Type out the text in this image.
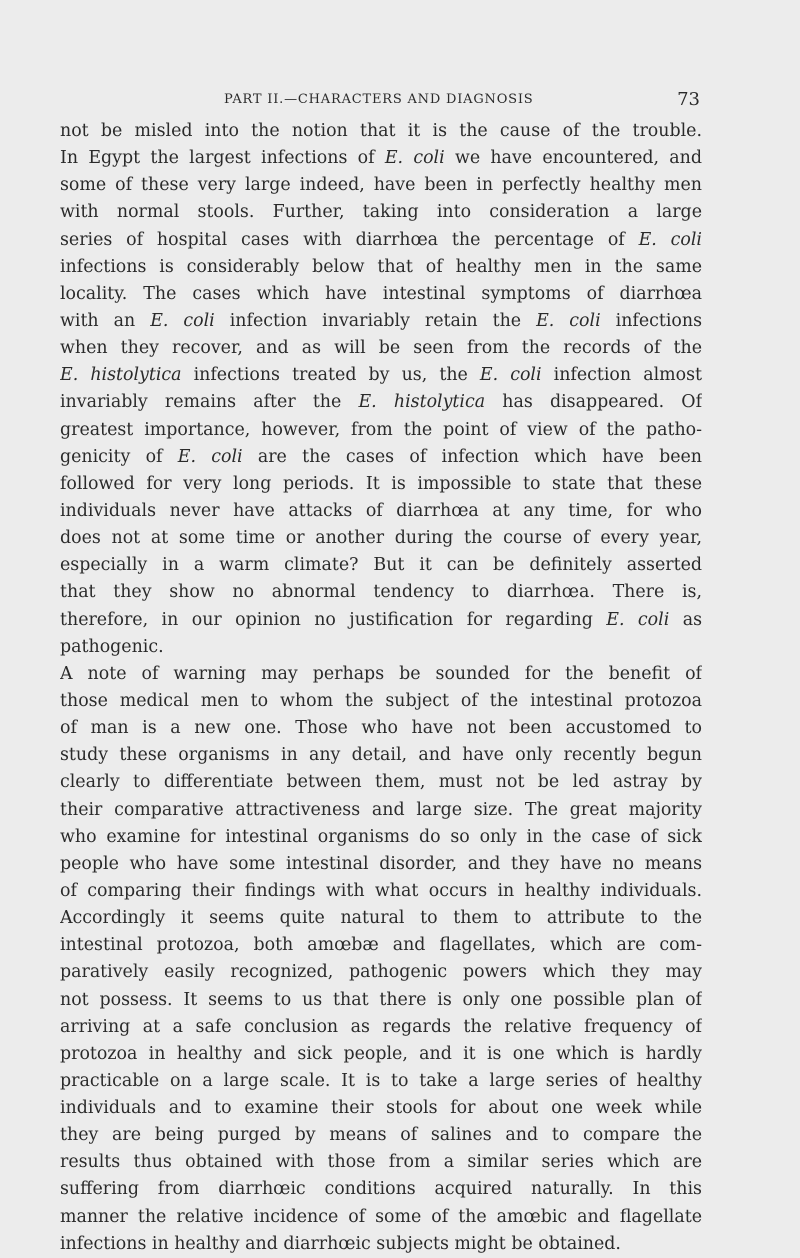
PART II.—CHARACTERS AND DIAGNOSIS	73
not be misled into the notion that it is the cause of the trouble.
In Egypt the largest infections of E. coli we have encountered, and
some of these very large indeed, have been in perfectly healthy men
with normal stools. Further, taking into consideration a large
series of hospital cases with diarrhœa the percentage of E. coli
infections is considerably below that of healthy men in the same
locality. The cases which have intestinal symptoms of diarrhœa
with an E. coli infection invariably retain the E. coli infections
when they recover, and as will be seen from the records of the
E. histolytica infections treated by us, the E. coli infection almost
invariably remains after the E. histolytica has disappeared. Of
greatest importance, however, from the point of view of the patho-
genicity of E. coli are the cases of infection which have been
followed for very long periods. It is impossible to state that these
individuals never have attacks of diarrhœa at any time, for who
does not at some time or another during the course of every year,
especially in a warm climate? But it can be definitely asserted
that they show no abnormal tendency to diarrhœa. There is,
therefore, in our opinion no justification for regarding E. coli as
pathogenic.
A note of warning may perhaps be sounded for the benefit of
those medical men to whom the subject of the intestinal protozoa
of man is a new one. Those who have not been accustomed to
study these organisms in any detail, and have only recently begun
clearly to differentiate between them, must not be led astray by
their comparative attractiveness and large size. The great majority
who examine for intestinal organisms do so only in the case of sick
people who have some intestinal disorder, and they have no means
of comparing their findings with what occurs in healthy individuals.
Accordingly it seems quite natural to them to attribute to the
intestinal protozoa, both amœbæ and flagellates, which are com-
paratively easily recognized, pathogenic powers which they may
not possess. It seems to us that there is only one possible plan of
arriving at a safe conclusion as regards the relative frequency of
protozoa in healthy and sick people, and it is one which is hardly
practicable on a large scale. It is to take a large series of healthy
individuals and to examine their stools for about one week while
they are being purged by means of salines and to compare the
results thus obtained with those from a similar series which are
suffering from diarrhœic conditions acquired naturally. In this
manner the relative incidence of some of the amœbic and flagellate
infections in healthy and diarrhœic subjects might be obtained.
